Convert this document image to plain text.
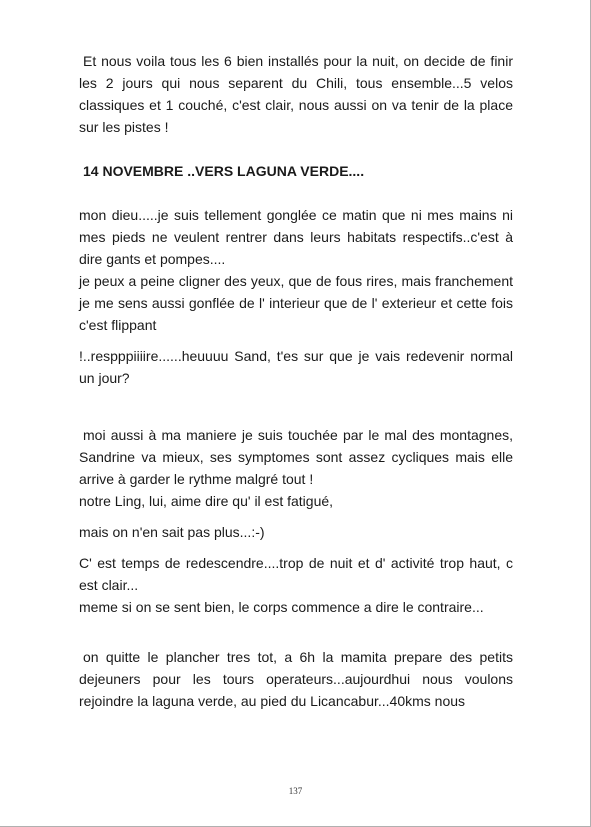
Et nous voila tous les 6 bien installés pour la nuit, on decide de finir les 2 jours qui nous separent du Chili, tous ensemble...5 velos classiques et 1 couché, c'est clair, nous aussi on va tenir de la place sur les pistes !

14 NOVEMBRE ..VERS LAGUNA VERDE....

mon dieu.....je suis tellement gonglée ce matin que ni mes mains ni mes pieds ne veulent rentrer dans leurs habitats respectifs..c'est à dire gants et pompes....

je peux a peine cligner des yeux, que de fous rires, mais franchement je me sens aussi gonflée de l' interieur que de l' exterieur et cette fois c'est flippant

!..respppiiiire......heuuuu Sand, t'es sur que je vais redevenir normal un jour?

moi aussi à ma maniere je suis touchée par le mal des montagnes, Sandrine va mieux, ses symptomes sont assez cycliques mais elle arrive à garder le rythme malgré tout !

notre Ling, lui, aime dire qu' il est fatigué,

mais on n'en sait pas plus...:-)

C' est temps de redescendre....trop de nuit et d' activité trop haut, c est clair...

meme si on se sent bien, le corps commence a dire le contraire...

on quitte le plancher tres tot, a 6h la mamita prepare des petits dejeuners pour les tours operateurs...aujourdhui nous voulons rejoindre la laguna verde, au pied du Licancabur...40kms nous

137
